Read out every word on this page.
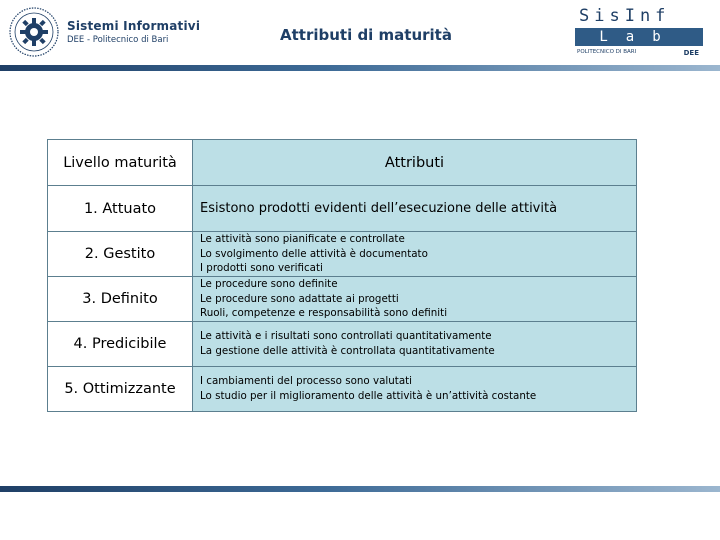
Sistemi Informativi
DEE - Politecnico di Bari	Attributi di maturità
SisInf
Lab
POLITECNICO DI BARI	DEE
Livello maturità	Attributi
1. Attuato	Esistono prodotti evidenti dell’esecuzione delle attività

2. Gestito	Le attività sono pianificate e controllate
Lo svolgimento delle attività è documentato
I prodotti sono verificati

3. Definito	Le procedure sono definite
Le procedure sono adattate ai progetti
Ruoli, competenze e responsabilità sono definiti

4. Predicibile	Le attività e i risultati sono controllati quantitativamente
La gestione delle attività è controllata quantitativamente

5. Ottimizzante	I cambiamenti del processo sono valutati
Lo studio per il miglioramento delle attività è un’attività costante
